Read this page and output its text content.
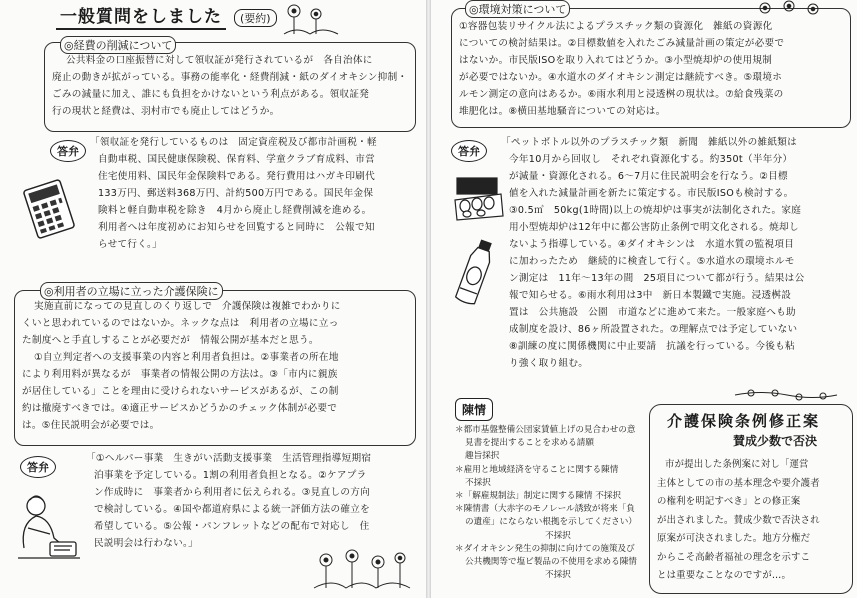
一般質問をしました	(要約)
◎経費の削減について
公共料金の口座振替に対して領収証が発行されているが　各自治体に
廃止の動きが拡がっている。事務の能率化・経費削減・紙のダイオキシン抑制・
ごみの減量に加え、誰にも負担をかけないという利点がある。領収証発
行の現状と経費は、羽村市でも廃止してはどうか。
答弁
「領収証を発行しているものは　固定資産税及び都市計画税・軽
自動車税、国民健康保険税、保育料、学童クラブ育成料、市営
住宅使用料、国民年金保険料である。発行費用はハガキ印刷代
133万円、郵送料368万円、計約500万円である。国民年金保
険料と軽自動車税を除き　4月から廃止し経費削減を進める。
利用者へは年度初めにお知らせを回覧すると同時に　公報で知
らせて行く。」
◎利用者の立場に立った介護保険に
実施直前になっての見直しのくり返しで　介護保険は複雑でわかりに
くいと思われているのではないか。ネックな点は　利用者の立場に立っ
た制度へと手直しすることが必要だが　情報公開が基本だと思う。
①自立判定者への支援事業の内容と利用者負担は。②事業者の所在地
により利用料が異なるが　事業者の情報公開の方法は。③「市内に親族
が居住している」ことを理由に受けられないサービスがあるが、この制
約は撤廃すべきでは。④適正サービスかどうかのチェック体制が必要で
は。⑤住民説明会が必要では。
答弁
「①ヘルパー事業　生きがい活動支援事業　生活管理指導短期宿
泊事業を予定している。1割の利用者負担となる。②ケアプラ
ン作成時に　事業者から利用者に伝えられる。③見直しの方向
で検討している。④国や都道府県による統一評価方法の確立を
希望している。⑤公報・パンフレットなどの配布で対応し　住
民説明会は行わない。」
◎環境対策について
①容器包装リサイクル法によるプラスチック類の資源化　雑紙の資源化
についての検討結果は。②目標数値を入れたごみ減量計画の策定が必要で
はないか。市民版ISOを取り入れてはどうか。③小型焼却炉の使用規制
が必要ではないか。④水道水のダイオキシン測定は継続すべき。⑤環境ホ
ルモン測定の意向はあるか。⑥雨水利用と浸透桝の現状は。⑦給食残菜の
堆肥化は。⑧横田基地騒音についての対応は。
答弁
「ペットボトル以外のプラスチック類　新聞　雑紙以外の雑紙類は
今年10月から回収し　それぞれ資源化する。約350t（半年分）
が減量・資源化される。6～7月に住民説明会を行なう。②目標
値を入れた減量計画を新たに策定する。市民版ISOも検討する。
③0.5㎥　50kg(1時間)以上の焼却炉は事実が法制化された。家庭
用小型焼却炉は12年中に都公害防止条例で明文化される。焼却し
ないよう指導している。④ダイオキシンは　水道水質の監視項目
に加わったため　継続的に検査して行く。⑤水道水の環境ホルモ
ン測定は　11年～13年の間　25項目について都が行う。結果は公
報で知らせる。⑥雨水利用は3中　新日本製鐵で実施。浸透桝設
置は　公共施設　公園　市道などに進めて来た。一般家庭へも助
成制度を設け、86ヶ所設置された。⑦理解点では予定していない
⑧訓練の度に関係機関に中止要請　抗議を行っている。今後も粘
り強く取り組む。
陳情
＊都市基盤整備公団家賃値上げの見合わせの意見書を提出することを求める請願
趣旨採択
＊雇用と地域経済を守ることに関する陳情
不採択
＊「解雇規制法」制定に関する陳情 不採択
＊陳情書（大赤字のモノレール誘致が将来「負の遺産」にならない根拠を示してください）
不採択
＊ダイオキシン発生の抑制に向けての施策及び公共機関等で塩ビ製品の不使用を求める陳情
不採択
介護保険条例修正案
賛成少数で否決
市が提出した条例案に対し「運営
主体としての市の基本理念や要介護者
の権利を明記すべき」との修正案
が出されました。賛成少数で否決され
原案が可決されました。地方分権だ
からこそ高齢者福祉の理念を示すこ
とは重要なことなのですが…。
